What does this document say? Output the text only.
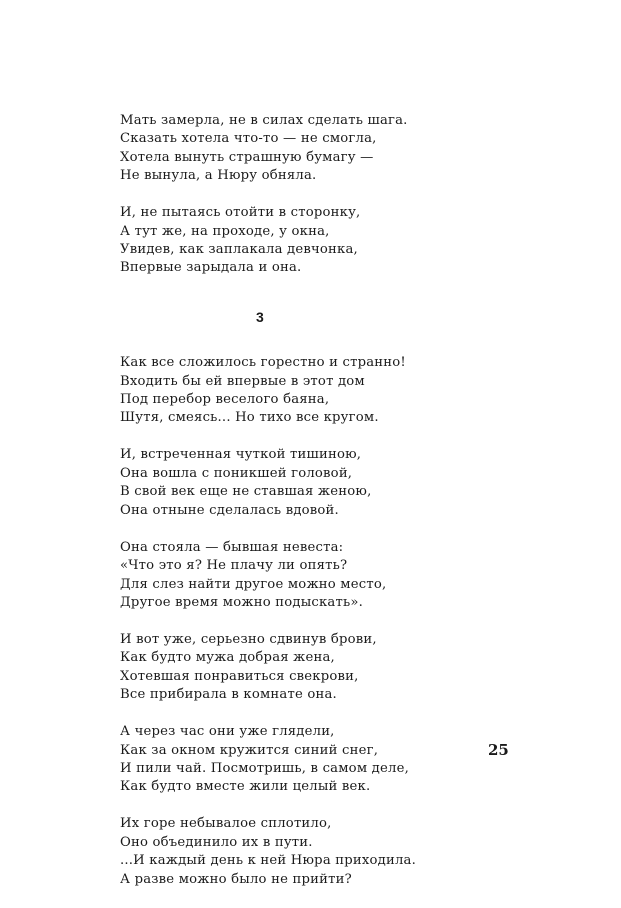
Мать замерла, не в силах сделать шага.
Сказать хотела что-то — не смогла,
Хотела вынуть страшную бумагу —
Не вынула, а Нюру обняла.
И, не пытаясь отойти в сторонку,
А тут же, на проходе, у окна,
Увидев, как заплакала девчонка,
Впервые зарыдала и она.
3
Как все сложилось горестно и странно!
Входить бы ей впервые в этот дом
Под перебор веселого баяна,
Шутя, смеясь... Но тихо все кругом.
И, встреченная чуткой тишиною,
Она вошла с поникшей головой,
В свой век еще не ставшая женою,
Она отныне сделалась вдовой.
Она стояла — бывшая невеста:
«Что это я? Не плачу ли опять?
Для слез найти другое можно место,
Другое время можно подыскать».
И вот уже, серьезно сдвинув брови,
Как будто мужа добрая жена,
Хотевшая понравиться свекрови,
Все прибирала в комнате она.
А через час они уже глядели,
Как за окном кружится синий снег,
И пили чай. Посмотришь, в самом деле,
Как будто вместе жили целый век.
Их горе небывалое сплотило,
Оно объединило их в пути.
...И каждый день к ней Нюра приходила.
А разве можно было не прийти?
25
